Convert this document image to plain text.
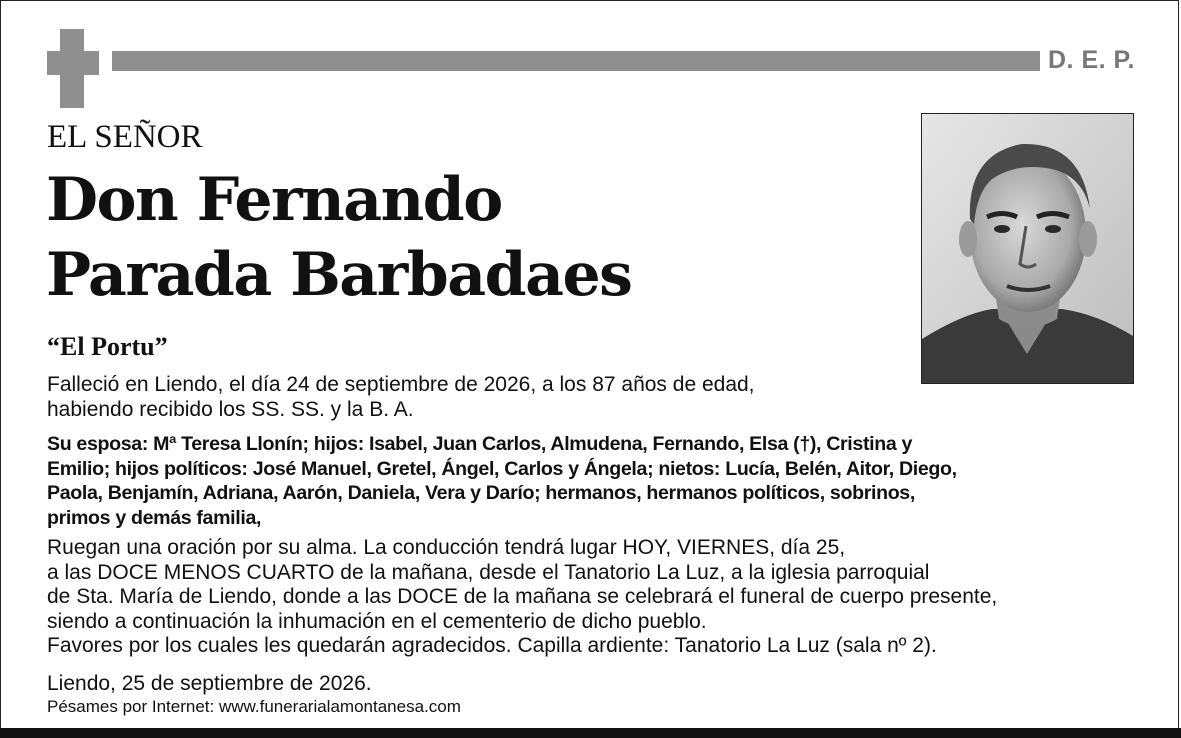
D. E. P.
EL SEÑOR
Don Fernando
Parada Barbadaes
“El Portu”
Falleció en Liendo, el día 24 de septiembre de 2026, a los 87 años de edad,
habiendo recibido los SS. SS. y la B. A.
Su esposa: Mª Teresa Llonín; hijos: Isabel, Juan Carlos, Almudena, Fernando, Elsa (†), Cristina y
Emilio; hijos políticos: José Manuel, Gretel, Ángel, Carlos y Ángela; nietos: Lucía, Belén, Aitor, Diego,
Paola, Benjamín, Adriana, Aarón, Daniela, Vera y Darío; hermanos, hermanos políticos, sobrinos,
primos y demás familia,
Ruegan una oración por su alma. La conducción tendrá lugar HOY, VIERNES, día 25,
a las DOCE MENOS CUARTO de la mañana, desde el Tanatorio La Luz, a la iglesia parroquial
de Sta. María de Liendo, donde a las DOCE de la mañana se celebrará el funeral de cuerpo presente,
siendo a continuación la inhumación en el cementerio de dicho pueblo.
Favores por los cuales les quedarán agradecidos. Capilla ardiente: Tanatorio La Luz (sala nº 2).
Liendo, 25 de septiembre de 2026.
Pésames por Internet: www.funerarialamontanesa.com
